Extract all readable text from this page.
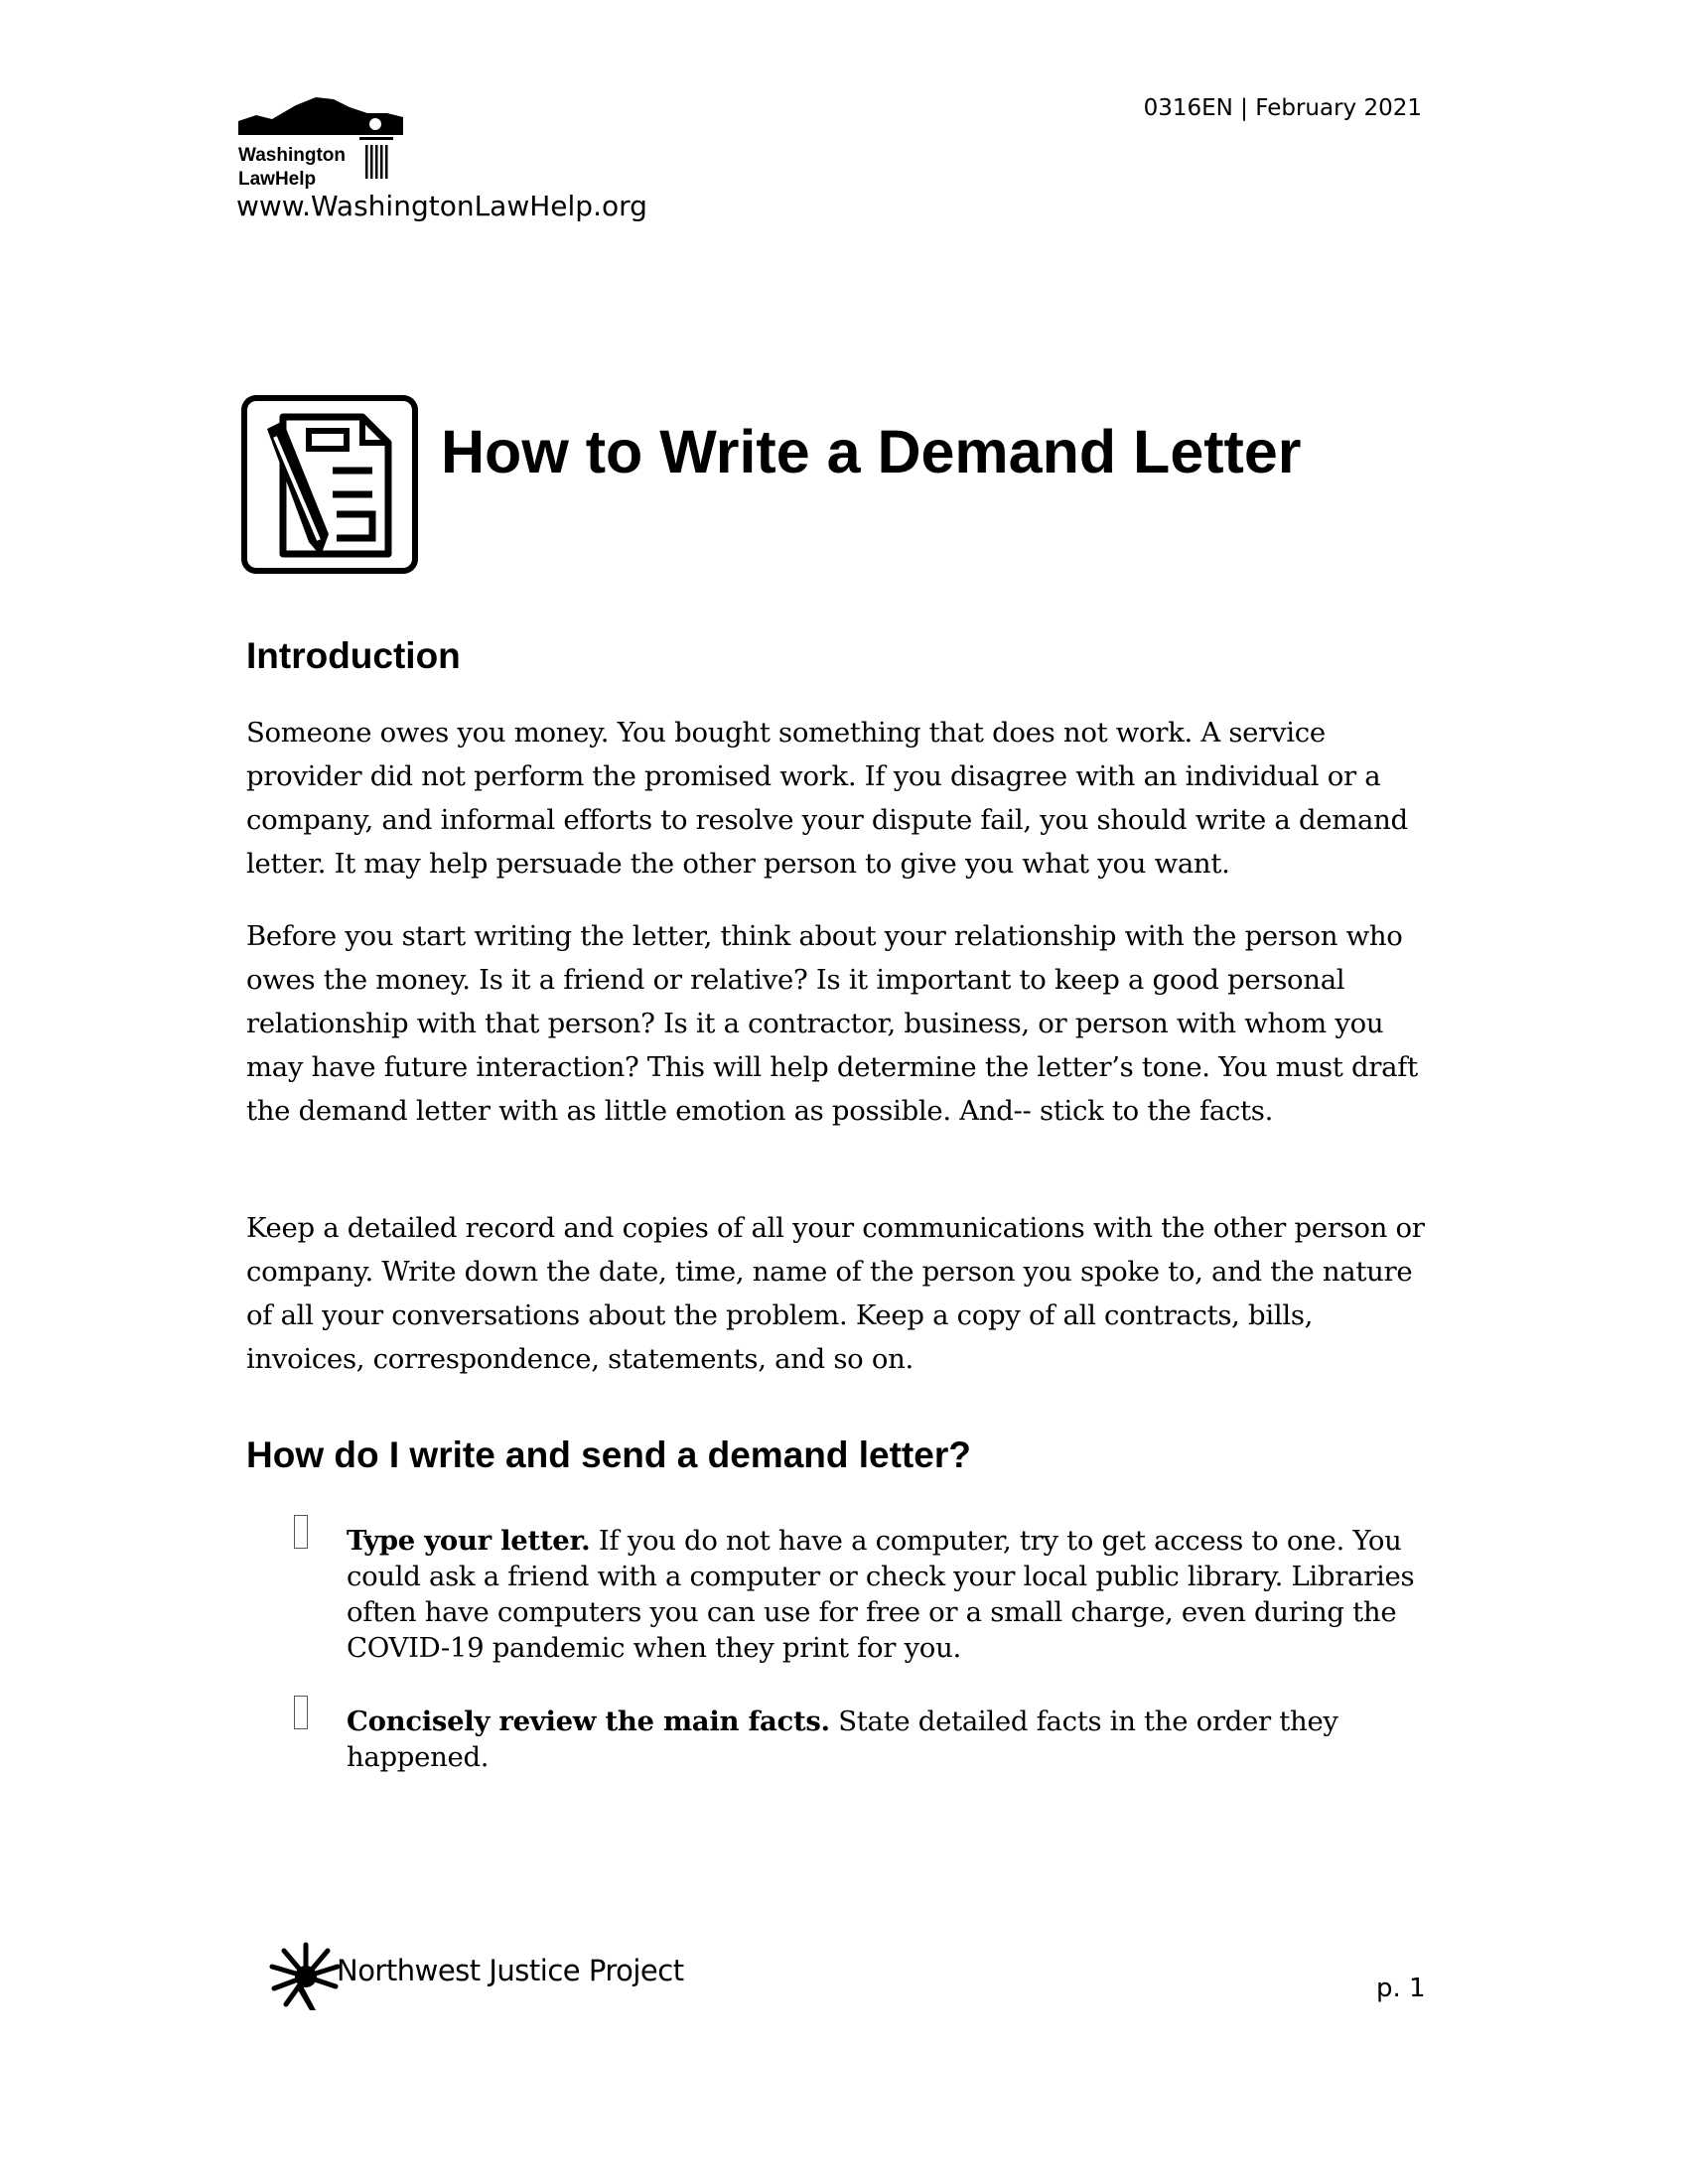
0316EN | February 2021
Washington
LawHelp
www.WashingtonLawHelp.org
How to Write a Demand Letter
Introduction

Someone owes you money. You bought something that does not work. A service provider did not perform the promised work. If you disagree with an individual or a company, and informal efforts to resolve your dispute fail, you should write a demand letter. It may help persuade the other person to give you what you want.

Before you start writing the letter, think about your relationship with the person who owes the money. Is it a friend or relative? Is it important to keep a good personal relationship with that person? Is it a contractor, business, or person with whom you may have future interaction? This will help determine the letter’s tone. You must draft the demand letter with as little emotion as possible. And-- stick to the facts.

Keep a detailed record and copies of all your communications with the other person or company. Write down the date, time, name of the person you spoke to, and the nature of all your conversations about the problem. Keep a copy of all contracts, bills, invoices, correspondence, statements, and so on.

How do I write and send a demand letter?
Type your letter. If you do not have a computer, try to get access to one. You could ask a friend with a computer or check your local public library. Libraries often have computers you can use for free or a small charge, even during the COVID-19 pandemic when they print for you.
Concisely review the main facts. State detailed facts in the order they happened.
Northwest Justice Project
p. 1
